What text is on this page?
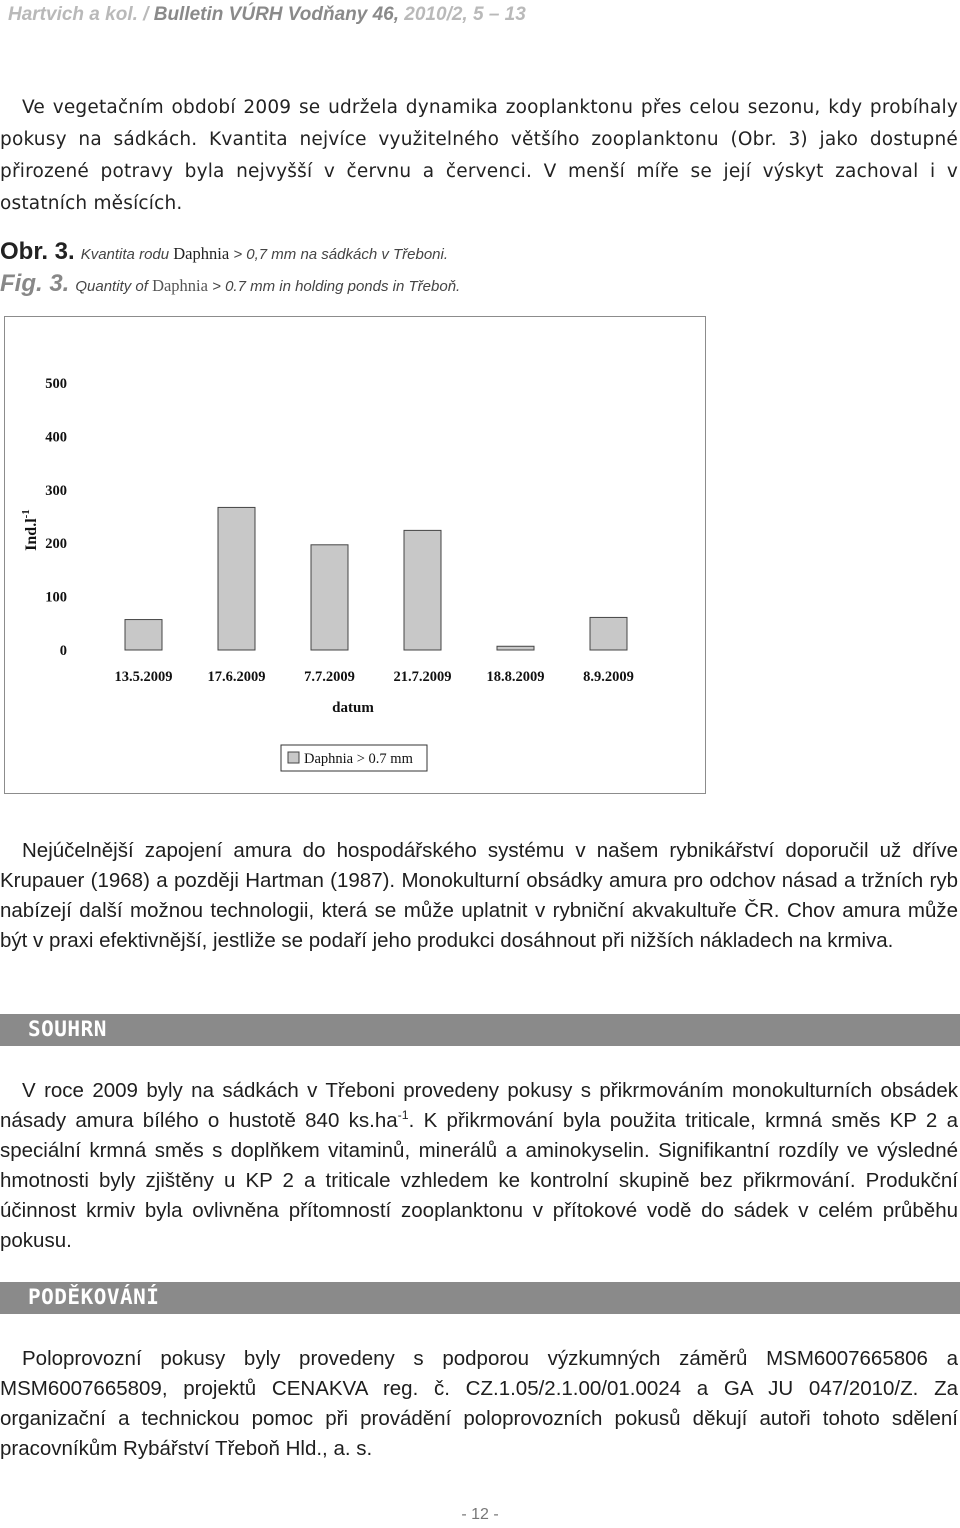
Hartvich a kol. / Bulletin VÚRH Vodňany 46, 2010/2, 5 – 13

Ve vegetačním období 2009 se udržela dynamika zooplanktonu přes celou sezonu, kdy probíhaly pokusy na sádkách. Kvantita nejvíce využitelného většího zooplanktonu (Obr. 3) jako dostupné přirozené potravy byla nejvyšší v červnu a červenci. V menší míře se její výskyt zachoval i v ostatních měsících.

Obr. 3. Kvantita rodu Daphnia > 0,7 mm na sádkách v Třeboni.
Fig. 3. Quantity of Daphnia > 0.7 mm in holding ponds in Třeboň.
$Ind.l^{-1}$
datum
0
100
200
300
400
500
13.5.2009 17.6.2009	7.7.2009	21.7.2009 18.8.2009	8.9.2009
Daphnia > 0.7 mm

Nejúčelnější zapojení amura do hospodářského systému v našem rybnikářství doporučil už dříve Krupauer (1968) a později Hartman (1987). Monokulturní obsádky amura pro odchov násad a tržních ryb nabízejí další možnou technologii, která se může uplatnit v rybniční akvakultuře ČR. Chov amura může být v praxi efektivnější, jestliže se podaří jeho produkci dosáhnout při nižších nákladech na krmiva.

SOUHRN

V roce 2009 byly na sádkách v Třeboni provedeny pokusy s přikrmováním monokulturních obsádek násady amura bílého o hustotě 840 $ks.ha^{-1}$. K přikrmování byla použita triticale, krmná směs KP 2 a speciální krmná směs s doplňkem vitaminů, minerálů a aminokyselin. Signifikantní rozdíly ve výsledné hmotnosti byly zjištěny u KP 2 a triticale vzhledem ke kontrolní skupině bez přikrmování. Produkční účinnost krmiv byla ovlivněna přítomností zooplanktonu v přítokové vodě do sádek v celém průběhu pokusu.

PODĚKOVÁNÍ

Poloprovozní pokusy byly provedeny s podporou výzkumných záměrů MSM6007665806 a MSM6007665809, projektů CENAKVA reg. č. CZ.1.05/2.1.00/01.0024 a GA JU 047/2010/Z. Za organizační a technickou pomoc při provádění poloprovozních pokusů děkují autoři tohoto sdělení pracovníkům Rybářství Třeboň Hld., a. s.

- 12 -
